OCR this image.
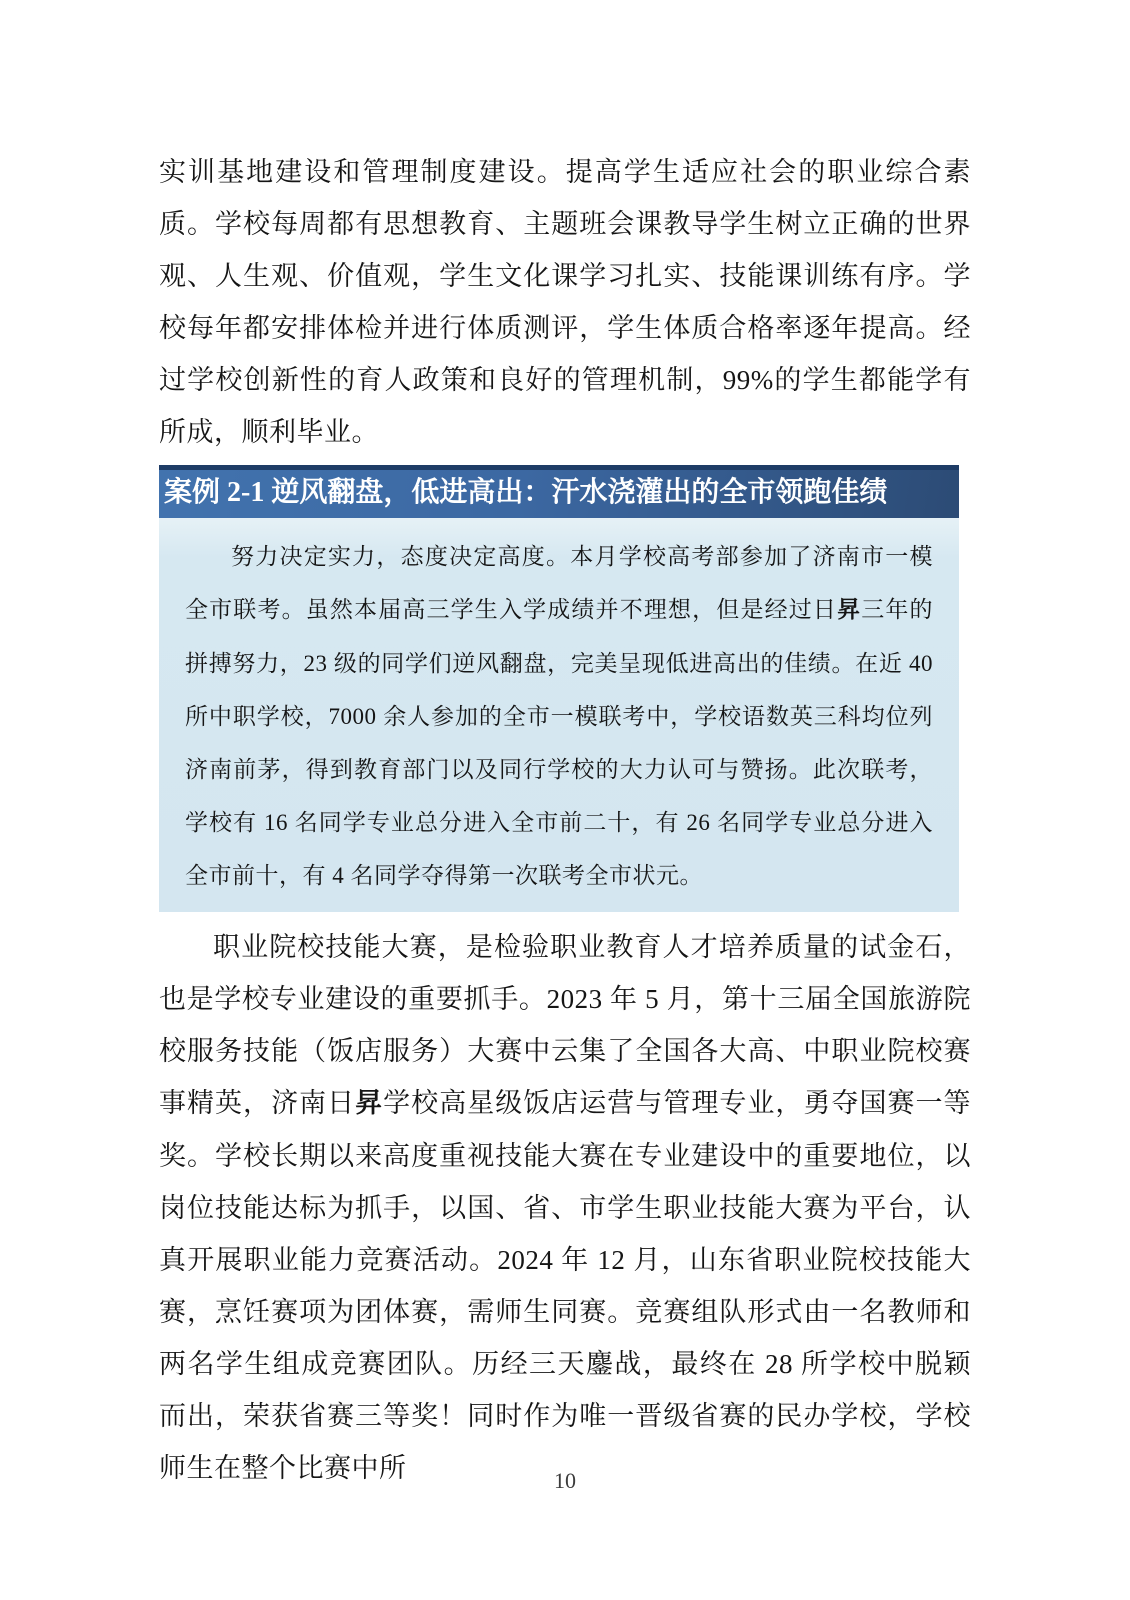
实训基地建设和管理制度建设。提高学生适应社会的职业综合素质。学校每周都有思想教育、主题班会课教导学生树立正确的世界观、人生观、价值观，学生文化课学习扎实、技能课训练有序。学校每年都安排体检并进行体质测评，学生体质合格率逐年提高。经过学校创新性的育人政策和良好的管理机制，99%的学生都能学有所成，顺利毕业。

案例 2-1 逆风翻盘，低进高出：汗水浇灌出的全市领跑佳绩

努力决定实力，态度决定高度。本月学校高考部参加了济南市一模全市联考。虽然本届高三学生入学成绩并不理想，但是经过日昇三年的拼搏努力，23 级的同学们逆风翻盘，完美呈现低进高出的佳绩。在近 40 所中职学校，7000 余人参加的全市一模联考中，学校语数英三科均位列济南前茅，得到教育部门以及同行学校的大力认可与赞扬。此次联考，学校有 16 名同学专业总分进入全市前二十，有 26 名同学专业总分进入全市前十，有 4 名同学夺得第一次联考全市状元。

职业院校技能大赛，是检验职业教育人才培养质量的试金石，也是学校专业建设的重要抓手。2023 年 5 月，第十三届全国旅游院校服务技能（饭店服务）大赛中云集了全国各大高、中职业院校赛事精英，济南日昇学校高星级饭店运营与管理专业，勇夺国赛一等奖。学校长期以来高度重视技能大赛在专业建设中的重要地位，以岗位技能达标为抓手，以国、省、市学生职业技能大赛为平台，认真开展职业能力竞赛活动。2024 年 12 月，山东省职业院校技能大赛，烹饪赛项为团体赛，需师生同赛。竞赛组队形式由一名教师和两名学生组成竞赛团队。历经三天鏖战，最终在 28 所学校中脱颖而出，荣获省赛三等奖！同时作为唯一晋级省赛的民办学校，学校师生在整个比赛中所	10
